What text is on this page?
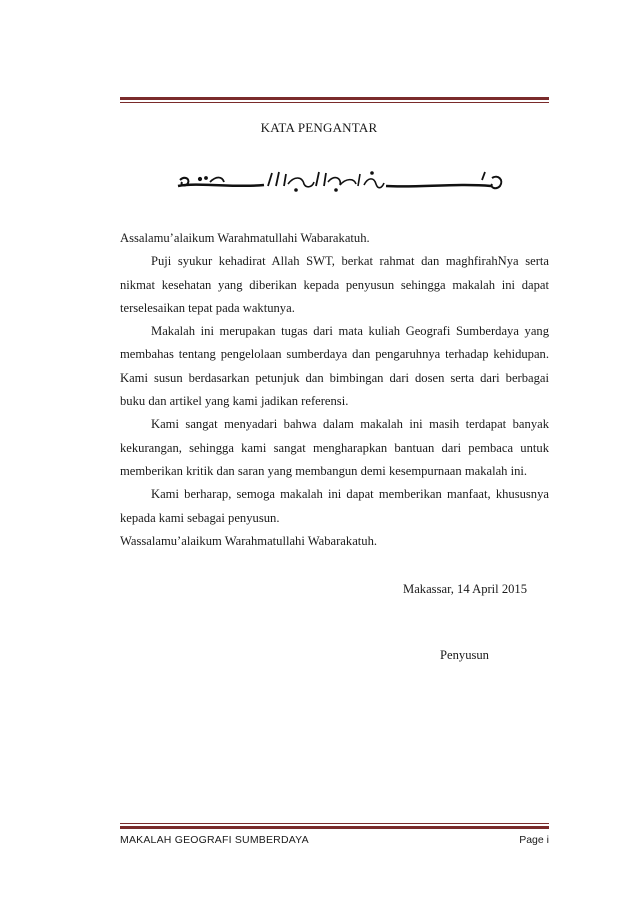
KATA PENGANTAR

Assalamu’alaikum Warahmatullahi Wabarakatuh.

Puji syukur kehadirat Allah SWT, berkat rahmat dan maghfirahNya serta nikmat kesehatan yang diberikan kepada penyusun sehingga makalah ini dapat terselesaikan tepat pada waktunya.

Makalah ini merupakan tugas dari mata kuliah Geografi Sumberdaya yang membahas tentang pengelolaan sumberdaya dan pengaruhnya terhadap kehidupan. Kami susun berdasarkan petunjuk dan bimbingan dari dosen serta dari berbagai buku dan artikel yang kami jadikan referensi.

Kami sangat menyadari bahwa dalam makalah ini masih terdapat banyak kekurangan, sehingga kami sangat mengharapkan bantuan dari pembaca untuk memberikan kritik dan saran yang membangun demi kesempurnaan makalah ini.

Kami berharap, semoga makalah ini dapat memberikan manfaat, khususnya kepada kami sebagai penyusun.

Wassalamu’alaikum Warahmatullahi Wabarakatuh.

Makassar, 14 April 2015
Penyusun
MAKALAH GEOGRAFI SUMBERDAYA	Page i
